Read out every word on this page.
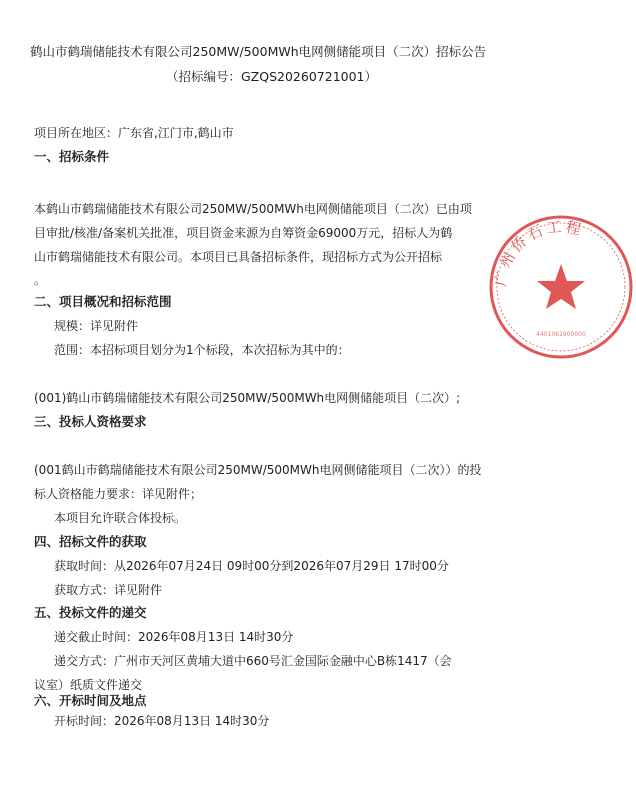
鹤山市鹤瑞储能技术有限公司250MW/500MWh电网侧储能项目（二次）招标公告
（招标编号：GZQS20260721001）
项目所在地区：广东省,江门市,鹤山市
一、招标条件
本鹤山市鹤瑞储能技术有限公司250MW/500MWh电网侧储能项目（二次）已由项
目审批/核准/备案机关批准，项目资金来源为自筹资金69000万元，招标人为鹤
山市鹤瑞储能技术有限公司。本项目已具备招标条件，现招标方式为公开招标
。
二、项目概况和招标范围
规模：详见附件
范围：本招标项目划分为1个标段，本次招标为其中的：
(001)鹤山市鹤瑞储能技术有限公司250MW/500MWh电网侧储能项目（二次）;
三、投标人资格要求
(001鹤山市鹤瑞储能技术有限公司250MW/500MWh电网侧储能项目（二次））的投
标人资格能力要求：详见附件；
本项目允许联合体投标。
四、招标文件的获取
获取时间：从2026年07月24日 09时00分到2026年07月29日 17时00分
获取方式：详见附件
五、投标文件的递交
递交截止时间：2026年08月13日 14时30分
递交方式：广州市天河区黄埔大道中660号汇金国际金融中心B栋1417（会
议室）纸质文件递交
六、开标时间及地点
开标时间：2026年08月13日 14时30分
广州侨石工程
4401061900000
